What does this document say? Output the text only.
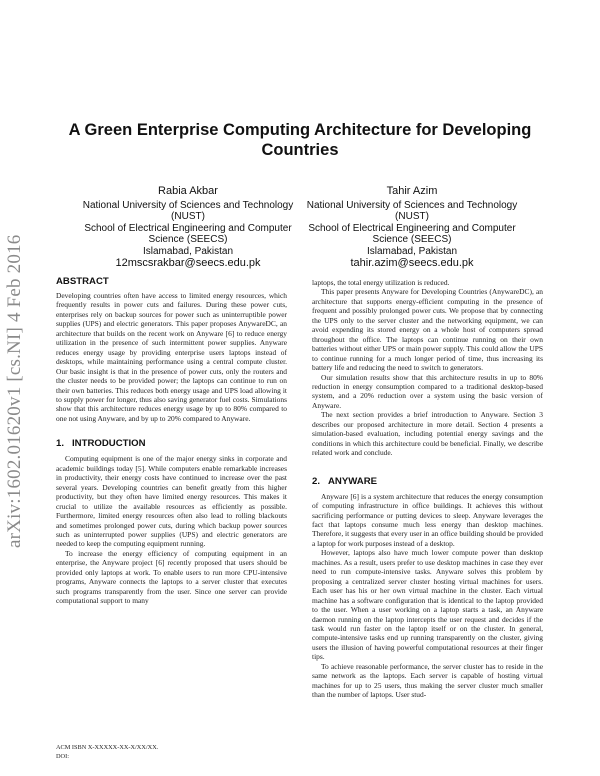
arXiv:1602.01620v1 [cs.NI] 4 Feb 2016
A Green Enterprise Computing Architecture for Developing Countries
Rabia Akbar
National University of Sciences and Technology
(NUST)
School of Electrical Engineering and Computer
Science (SEECS)
Islamabad, Pakistan
12mscsrakbar@seecs.edu.pk
Tahir Azim
National University of Sciences and Technology
(NUST)
School of Electrical Engineering and Computer
Science (SEECS)
Islamabad, Pakistan
tahir.azim@seecs.edu.pk
ABSTRACT

Developing countries often have access to limited energy resources, which frequently results in power cuts and failures. During these power cuts, enterprises rely on backup sources for power such as uninterruptible power supplies (UPS) and electric generators. This paper proposes AnywareDC, an architecture that builds on the recent work on Anyware [6] to reduce energy utilization in the presence of such intermittent power supplies. Anyware reduces energy usage by providing enterprise users laptops instead of desktops, while maintaining performance using a central compute cluster. Our basic insight is that in the presence of power cuts, only the routers and the cluster needs to be provided power; the laptops can continue to run on their own batteries. This reduces both energy usage and UPS load allowing it to supply power for longer, thus also saving generator fuel costs. Simulations show that this architecture reduces energy usage by up to 80% compared to one not using Anyware, and by up to 20% compared to Anyware.

1. INTRODUCTION

Computing equipment is one of the major energy sinks in corporate and academic buildings today [5]. While computers enable remarkable increases in productivity, their energy costs have continued to increase over the past several years. Developing countries can benefit greatly from this higher productivity, but they often have limited energy resources. This makes it crucial to utilize the available resources as efficiently as possible. Furthermore, limited energy resources often also lead to rolling blackouts and sometimes prolonged power cuts, during which backup power sources such as uninterrupted power supplies (UPS) and electric generators are needed to keep the computing equipment running.

To increase the energy efficiency of computing equipment in an enterprise, the Anyware project [6] recently proposed that users should be provided only laptops at work. To enable users to run more CPU-intensive programs, Anyware connects the laptops to a server cluster that executes such programs transparently from the user. Since one server can provide computational support to many

laptops, the total energy utilization is reduced.

This paper presents Anyware for Developing Countries (AnywareDC), an architecture that supports energy-efficient computing in the presence of frequent and possibly prolonged power cuts. We propose that by connecting the UPS only to the server cluster and the networking equipment, we can avoid expending its stored energy on a whole host of computers spread throughout the office. The laptops can continue running on their own batteries without either UPS or main power supply. This could allow the UPS to continue running for a much longer period of time, thus increasing its battery life and reducing the need to switch to generators.

Our simulation results show that this architecture results in up to 80% reduction in energy consumption compared to a traditional desktop-based system, and a 20% reduction over a system using the basic version of Anyware.

The next section provides a brief introduction to Anyware. Section 3 describes our proposed architecture in more detail. Section 4 presents a simulation-based evaluation, including potential energy savings and the conditions in which this architecture could be beneficial. Finally, we describe related work and conclude.

2. ANYWARE

Anyware [6] is a system architecture that reduces the energy consumption of computing infrastructure in office buildings. It achieves this without sacrificing performance or putting devices to sleep. Anyware leverages the fact that laptops consume much less energy than desktop machines. Therefore, it suggests that every user in an office building should be provided a laptop for work purposes instead of a desktop.

However, laptops also have much lower compute power than desktop machines. As a result, users prefer to use desktop machines in case they ever need to run compute-intensive tasks. Anyware solves this problem by proposing a centralized server cluster hosting virtual machines for users. Each user has his or her own virtual machine in the cluster. Each virtual machine has a software configuration that is identical to the laptop provided to the user. When a user working on a laptop starts a task, an Anyware daemon running on the laptop intercepts the user request and decides if the task would run faster on the laptop itself or on the cluster. In general, compute-intensive tasks end up running transparently on the cluster, giving users the illusion of having powerful computational resources at their finger tips.

To achieve reasonable performance, the server cluster has to reside in the same network as the laptops. Each server is capable of hosting virtual machines for up to 25 users, thus making the server cluster much smaller than the number of laptops. User stud-

ACM ISBN X-XXXXX-XX-X/XX/XX.
DOI:
